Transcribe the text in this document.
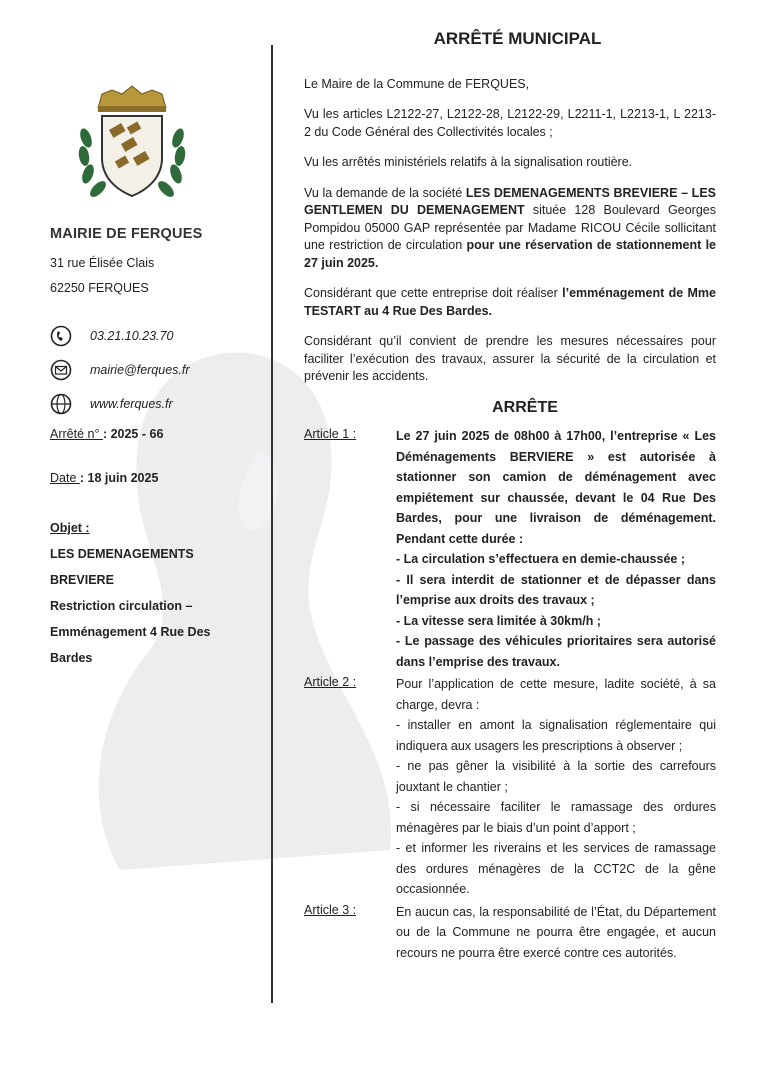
MAIRIE DE FERQUES
31 rue Élisée Clais
62250 FERQUES
03.21.10.23.70
mairie@ferques.fr
www.ferques.fr
Arrêté n° : 2025 - 66
Date : 18 juin 2025
Objet :
LES DEMENAGEMENTS
BREVIERE
Restriction circulation –
Emménagement 4 Rue Des
Bardes
ARRÊTÉ MUNICIPAL

Le Maire de la Commune de FERQUES,

Vu les articles L2122-27, L2122-28, L2122-29, L2211-1, L2213-1, L 2213-2 du Code Général des Collectivités locales ;

Vu les arrêtés ministériels relatifs à la signalisation routière.

Vu la demande de la société LES DEMENAGEMENTS BREVIERE – LES GENTLEMEN DU DEMENAGEMENT située 128 Boulevard Georges Pompidou 05000 GAP représentée par Madame RICOU Cécile sollicitant une restriction de circulation pour une réservation de stationnement le 27 juin 2025.

Considérant que cette entreprise doit réaliser l’emménagement de Mme TESTART au 4 Rue Des Bardes.

Considérant qu’il convient de prendre les mesures nécessaires pour faciliter l’exécution des travaux, assurer la sécurité de la circulation et prévenir les accidents.

ARRÊTE
Article 1 :	Le 27 juin 2025 de 08h00 à 17h00, l’entreprise « Les Déménagements BERVIERE » est autorisée à stationner son camion de déménagement avec empiétement sur chaussée, devant le 04 Rue Des Bardes, pour une livraison de déménagement. Pendant cette durée :
- La circulation s’effectuera en demie-chaussée ;
- Il sera interdit de stationner et de dépasser dans l’emprise aux droits des travaux ;
- La vitesse sera limitée à 30km/h ;
- Le passage des véhicules prioritaires sera autorisé dans l’emprise des travaux.
Article 2 :	Pour l’application de cette mesure, ladite société, à sa charge, devra :
- installer en amont la signalisation réglementaire qui indiquera aux usagers les prescriptions à observer ;
- ne pas gêner la visibilité à la sortie des carrefours jouxtant le chantier ;
- si nécessaire faciliter le ramassage des ordures ménagères par le biais d’un point d’apport ;
- et informer les riverains et les services de ramassage des ordures ménagères de la CCT2C de la gêne occasionnée.
Article 3 :	En aucun cas, la responsabilité de l’État, du Département ou de la Commune ne pourra être engagée, et aucun recours ne pourra être exercé contre ces autorités.
